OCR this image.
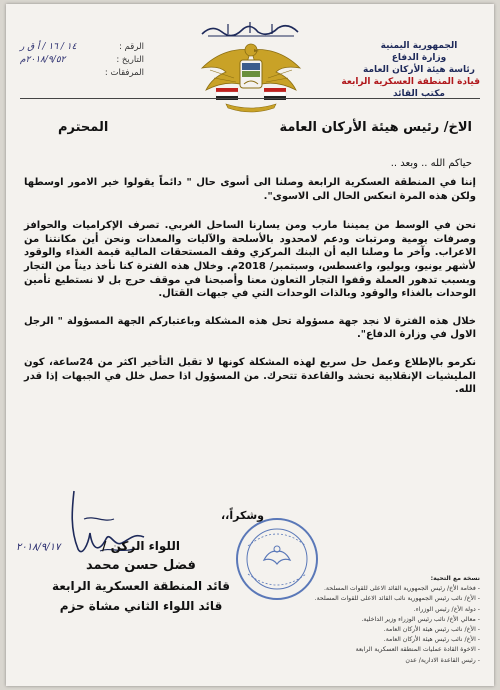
الجمهورية اليمنية
وزارة الدفاع
رئاسة هيئة الأركان العامة
قيادة المنطقة العسكرية الرابعة
مكتب القائد
الرقم :
١٤ / ١٦ / أ ق ر
التاريخ :
٢٠١٨/٩/٥٢م
المرفقات :
الاخ/ رئيس هيئة الأركان العامة
المحترم
حياكم الله .. وبعد ..

إننا في المنطقة العسكرية الرابعة وصلنا الى أسوى حال " دائماً يقولوا خير الامور اوسطها ولكن هذه المرة انعكس الحال الى الاسوى".

نحن في الوسط من يميننا مارب ومن يسارنا الساحل الغربي. تصرف الإكراميات والحوافز وصرفات يومية ومرتبات ودعم لامحدود بالأسلحة والآليات والمعدات ونحن أين مكانتنا من الاعراب. وآخر ما وصلنا اليه أن البنك المركزي وقف المستحقات المالية قيمة الغذاء والوقود لأشهر يونيو، ويوليو، واغسطس، وسبتمبر/ 2018م. وخلال هذه الفترة كنا نأخذ ديناً من التجار وبسبب تدهور العملة وقفوا التجار التعاون معنا وأصبحنا في موقف حرج بل لا نستطيع تأمين الوحدات بالغذاء والوقود وبالذات الوحدات التي في جبهات القتال.

خلال هذه الفترة لا نجد جهة مسؤولة تحل هذه المشكلة وباعتباركم الجهة المسؤولة " الرجل الاول في وزارة الدفاع".

نكرمو بالإطلاع وعمل حل سريع لهذه المشكلة كونها لا تقبل التأخير اكثر من 24ساعة، كون المليشيات الإنقلابية تحشد والقاعدة تتحرك. من المسؤول اذا حصل خلل في الجبهات إذا قدر الله.

وشكراً،،
٢٠١٨/٩/١٧	اللواء الركن /
فضل حسن محمد
قائد المنطقة العسكرية الرابعة
قائد اللواء الثاني مشاة حزم
نسخة مع التحية:
- فخامة الأخ/ رئيس الجمهورية القائد الاعلى للقوات المسلحة.
- الأخ/ نائب رئيس الجمهورية نائب القائد الاعلى للقوات المسلحة.
- دولة الأخ/ رئيس الوزراء.
- معالي الأخ/ نائب رئيس الوزراء وزير الداخلية.
- الأخ/ نائب رئيس هيئة الأركان العامة.
- الأخ/ نائب رئيس هيئة الأركان العامة.
- الاخوة القادة عمليات المنطقة العسكرية الرابعة
- رئيس القاعدة الادارية/ عدن
